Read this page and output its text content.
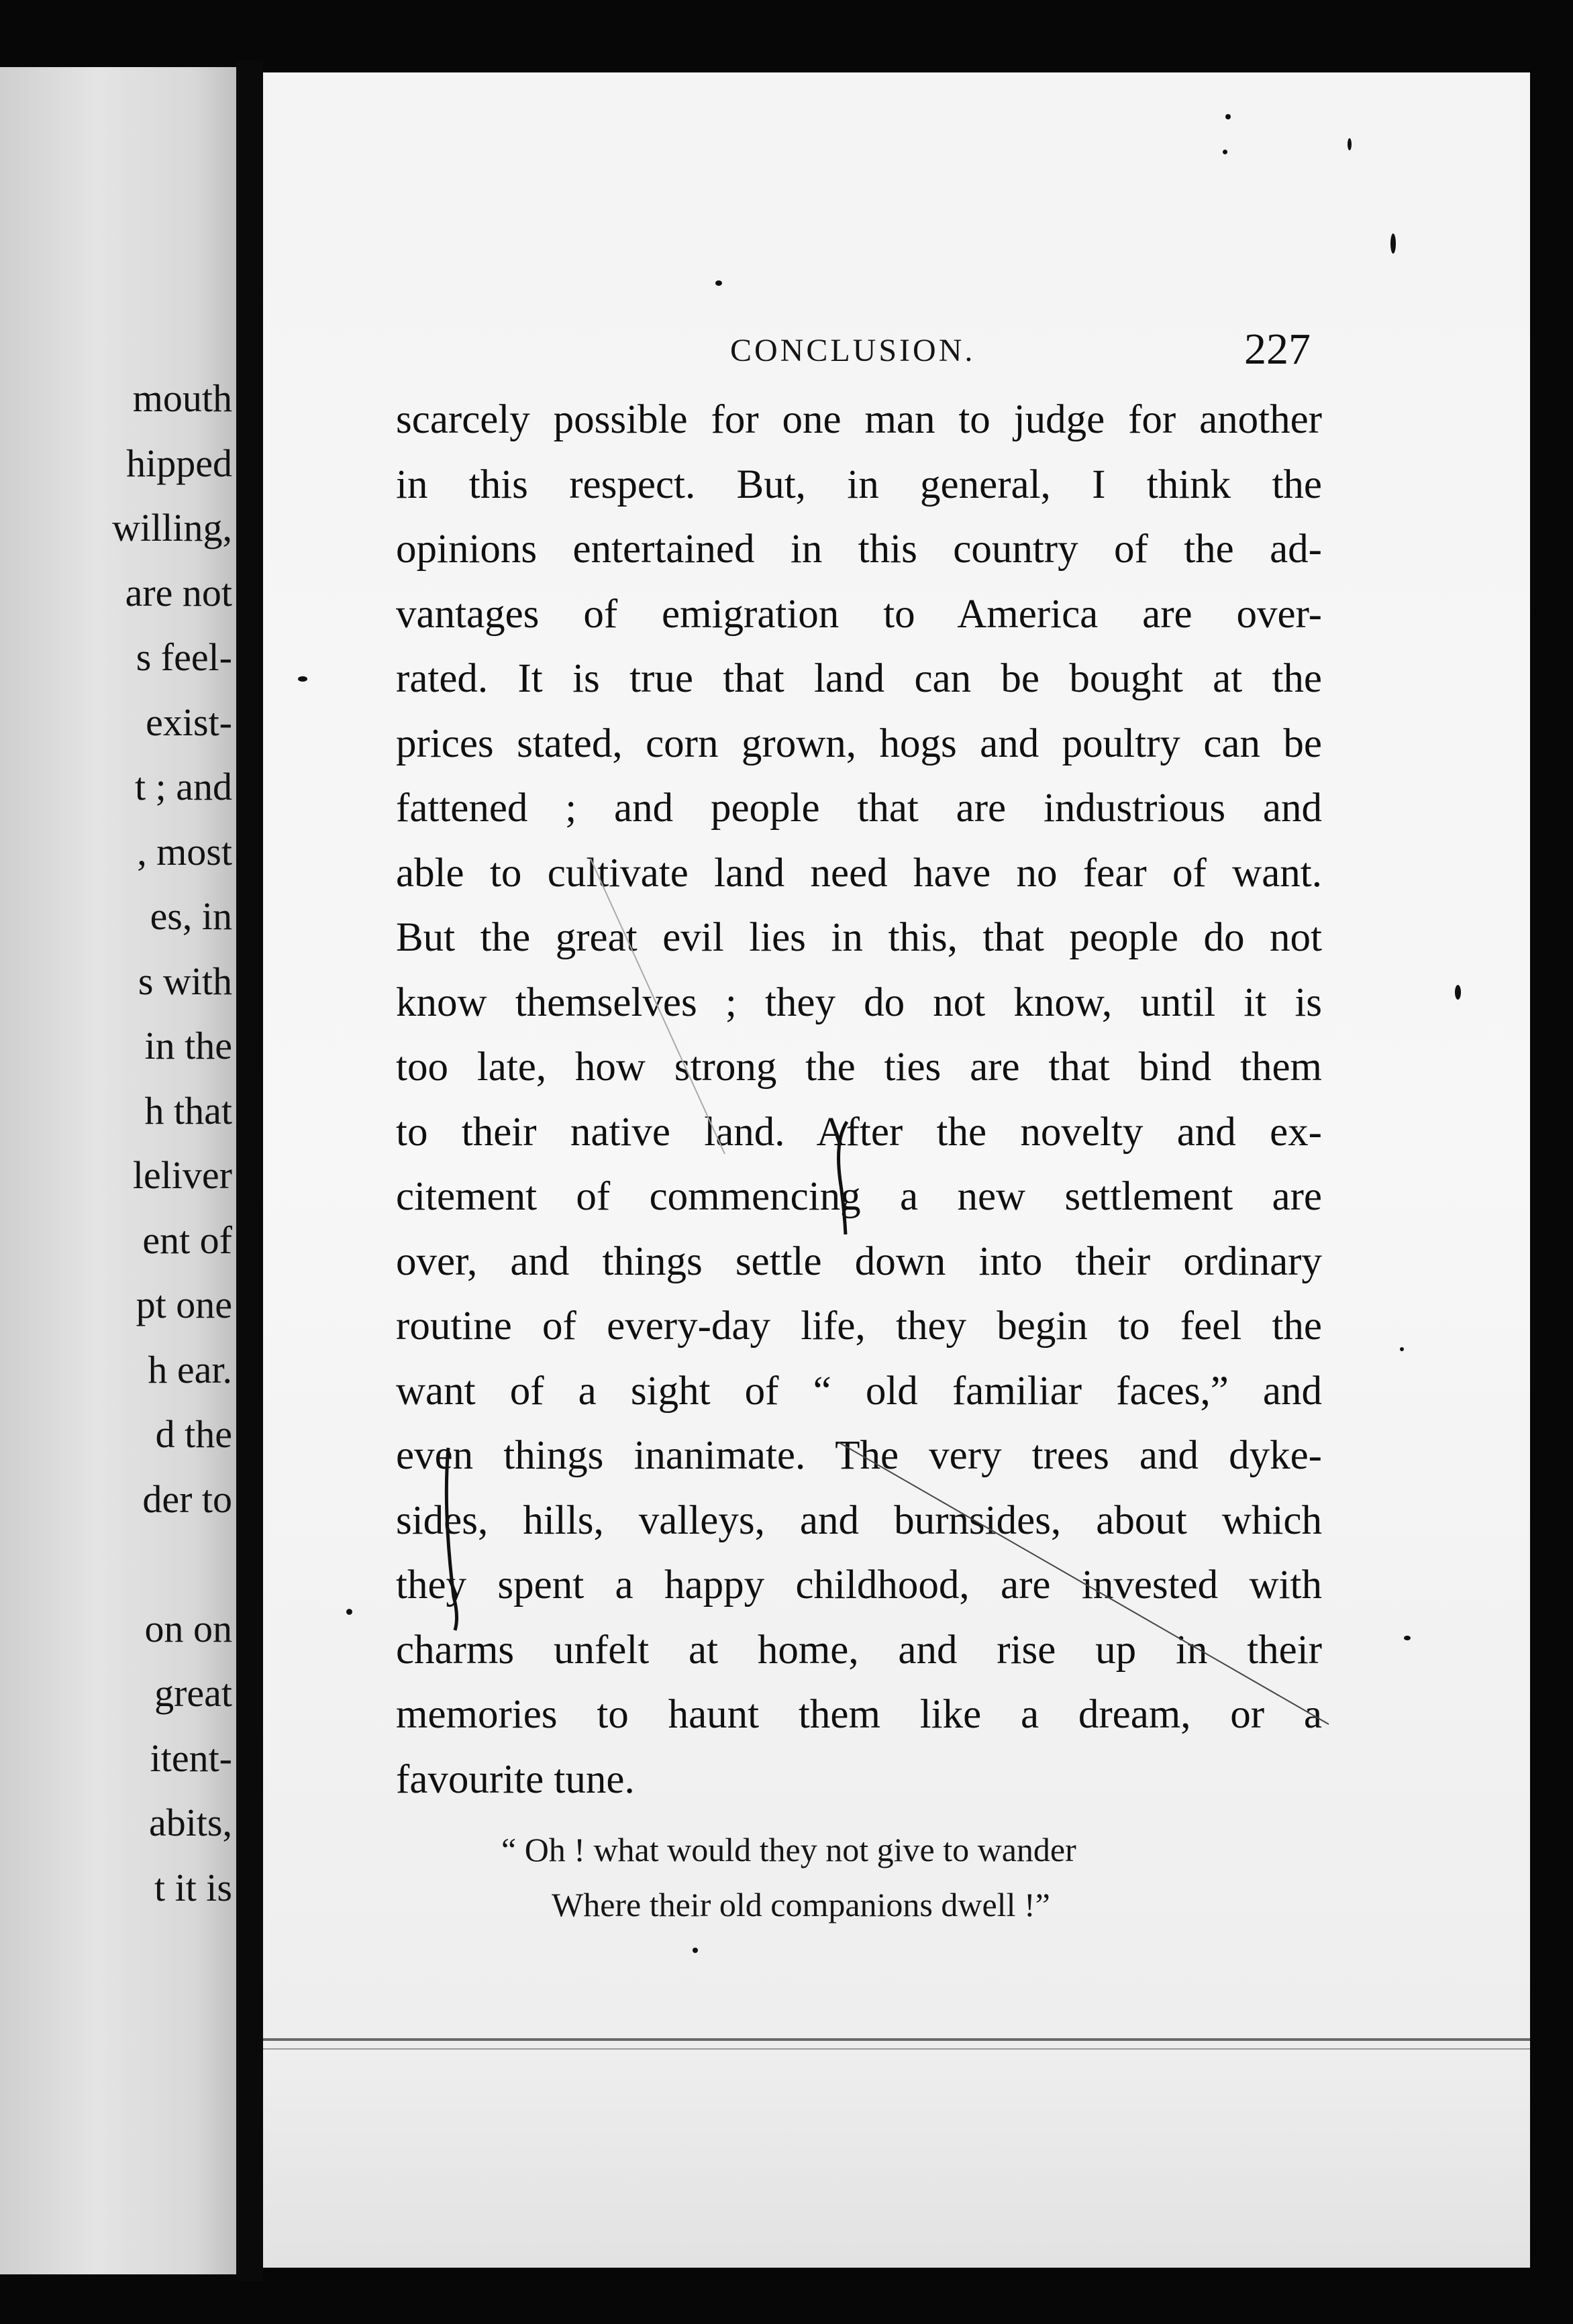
mouth
hipped
willing,
are not
s feel-
exist-
t ; and
, most
es, in
s with
in the
h that
leliver
ent of
pt one
h ear.
d the
der to
on on
great
itent-
abits,
t it is
CONCLUSION.	227
scarcely possible for one man to judge for another
in this respect. But, in general, I think the
opinions entertained in this country of the ad-
vantages of emigration to America are over-
rated. It is true that land can be bought at the
prices stated, corn grown, hogs and poultry can be
fattened ; and people that are industrious and
able to cultivate land need have no fear of want.
But the great evil lies in this, that people do not
know themselves ; they do not know, until it is
too late, how strong the ties are that bind them
to their native land. After the novelty and ex-
citement of commencing a new settlement are
over, and things settle down into their ordinary
routine of every-day life, they begin to feel the
want of a sight of “ old familiar faces,” and
even things inanimate. The very trees and dyke-
sides, hills, valleys, and burnsides, about which
they spent a happy childhood, are invested with
charms unfelt at home, and rise up in their
memories to haunt them like a dream, or a
favourite tune.
“ Oh ! what would they not give to wander
Where their old companions dwell !”
